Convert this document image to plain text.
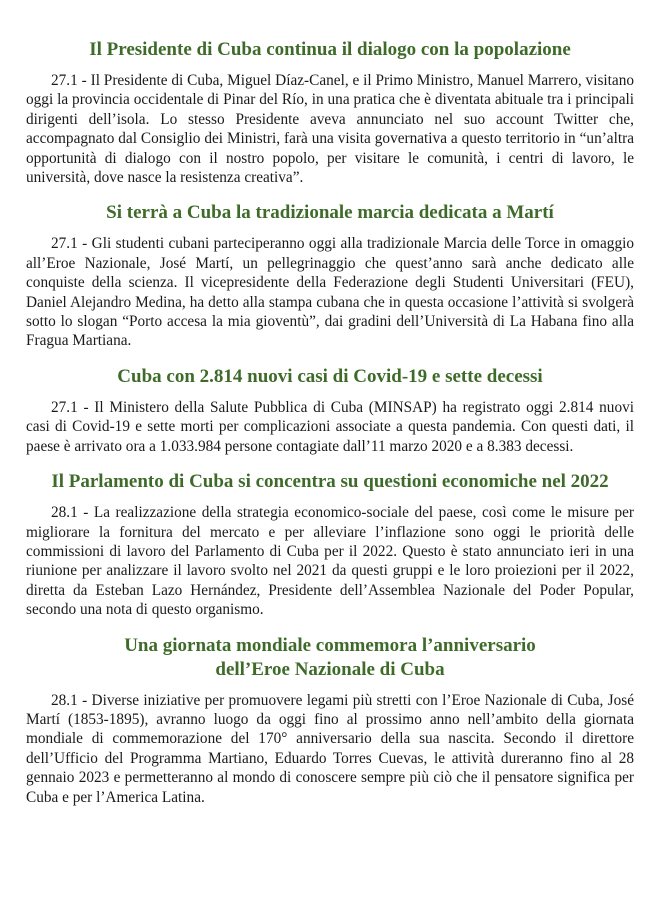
Il Presidente di Cuba continua il dialogo con la popolazione

27.1 - Il Presidente di Cuba, Miguel Díaz-Canel, e il Primo Ministro, Manuel Marrero, visitano oggi la provincia occidentale di Pinar del Río, in una pratica che è diventata abituale tra i principali dirigenti dell’isola. Lo stesso Presidente aveva annunciato nel suo account Twitter che, accompagnato dal Consiglio dei Ministri, farà una visita governativa a questo territorio in “un’altra opportunità di dialogo con il nostro popolo, per visitare le comunità, i centri di lavoro, le università, dove nasce la resistenza creativa”.

Si terrà a Cuba la tradizionale marcia dedicata a Martí

27.1 - Gli studenti cubani parteciperanno oggi alla tradizionale Marcia delle Torce in omaggio all’Eroe Nazionale, José Martí, un pellegrinaggio che quest’anno sarà anche dedicato alle conquiste della scienza. Il vicepresidente della Federazione degli Studenti Universitari (FEU), Daniel Alejandro Medina, ha detto alla stampa cubana che in questa occasione l’attività si svolgerà sotto lo slogan “Porto accesa la mia gioventù”, dai gradini dell’Università di La Habana fino alla Fragua Martiana.

Cuba con 2.814 nuovi casi di Covid-19 e sette decessi

27.1 - Il Ministero della Salute Pubblica di Cuba (MINSAP) ha registrato oggi 2.814 nuovi casi di Covid-19 e sette morti per complicazioni associate a questa pandemia. Con questi dati, il paese è arrivato ora a 1.033.984 persone contagiate dall’11 marzo 2020 e a 8.383 decessi.

Il Parlamento di Cuba si concentra su questioni economiche nel 2022

28.1 - La realizzazione della strategia economico-sociale del paese, così come le misure per migliorare la fornitura del mercato e per alleviare l’inflazione sono oggi le priorità delle commissioni di lavoro del Parlamento di Cuba per il 2022. Questo è stato annunciato ieri in una riunione per analizzare il lavoro svolto nel 2021 da questi gruppi e le loro proiezioni per il 2022, diretta da Esteban Lazo Hernández, Presidente dell’Assemblea Nazionale del Poder Popular, secondo una nota di questo organismo.

Una giornata mondiale commemora l’anniversario
dell’Eroe Nazionale di Cuba

28.1 - Diverse iniziative per promuovere legami più stretti con l’Eroe Nazionale di Cuba, José Martí (1853-1895), avranno luogo da oggi fino al prossimo anno nell’ambito della giornata mondiale di commemorazione del 170° anniversario della sua nascita. Secondo il direttore dell’Ufficio del Programma Martiano, Eduardo Torres Cuevas, le attività dureranno fino al 28 gennaio 2023 e permetteranno al mondo di conoscere sempre più ciò che il pensatore significa per Cuba e per l’America Latina.
